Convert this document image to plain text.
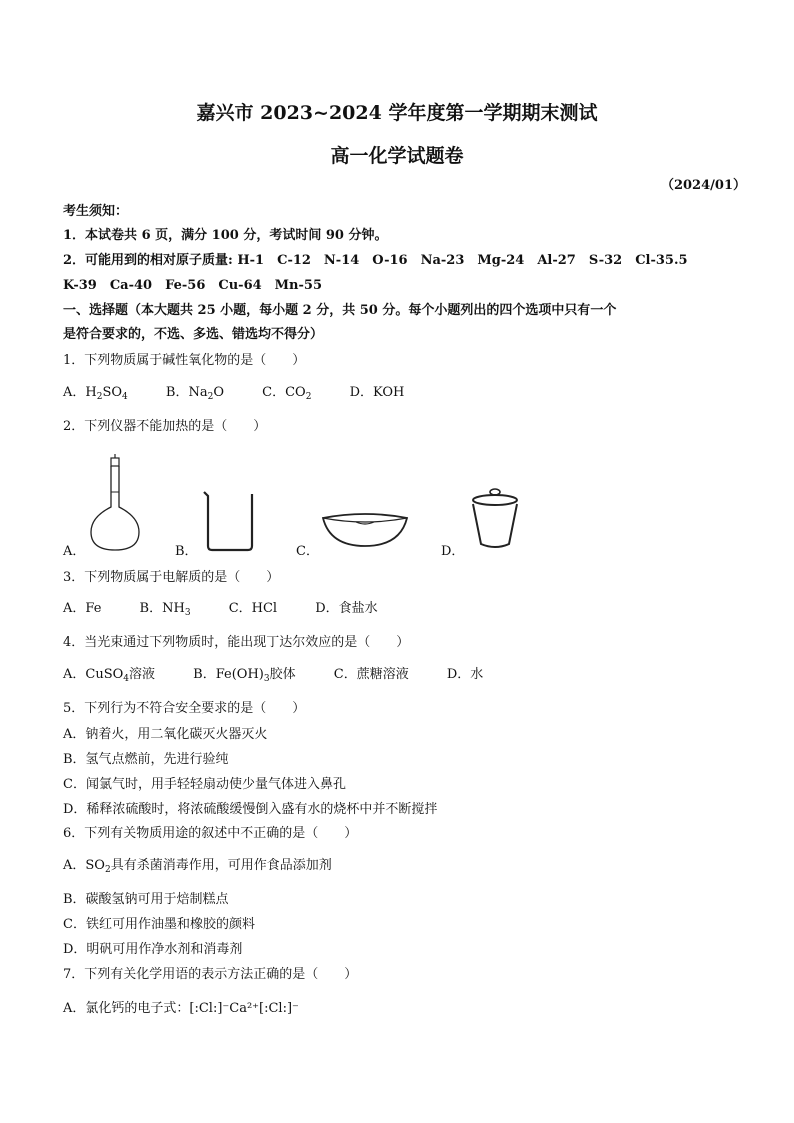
嘉兴市 2023~2024 学年度第一学期期末测试
高一化学试题卷
（2024/01）
考生须知：
1．本试卷共 6 页，满分 100 分，考试时间 90 分钟。
2．可能用到的相对原子质量: H-1　C-12　N-14　O-16　Na-23　Mg-24　Al-27　S-32　Cl-35.5
K-39　Ca-40　Fe-56　Cu-64　Mn-55
一、选择题（本大题共 25 小题，每小题 2 分，共 50 分。每个小题列出的四个选项中只有一个
是符合要求的，不选、多选、错选均不得分）
1．下列物质属于碱性氧化物的是（　　）
A．$H_2SO_4$	B．$Na_2O$	C．$CO_2$	D．KOH
2．下列仪器不能加热的是（　　）
A．	B．	C．	D．
3．下列物质属于电解质的是（　　）
A．Fe	B．$NH_3$	C．HCl	D．食盐水
4．当光束通过下列物质时，能出现丁达尔效应的是（　　）
A．CuSO$_4$溶液	B．$Fe(OH)_3$胶体	C．蔗糖溶液	D．水
5．下列行为不符合安全要求的是（　　）
A．钠着火，用二氧化碳灭火器灭火
B．氢气点燃前，先进行验纯
C．闻氯气时，用手轻轻扇动使少量气体进入鼻孔
D．稀释浓硫酸时，将浓硫酸缓慢倒入盛有水的烧杯中并不断搅拌
6．下列有关物质用途的叙述中不正确的是（　　）
A．$SO_2$具有杀菌消毒作用，可用作食品添加剂
B．碳酸氢钠可用于焙制糕点
C．铁红可用作油墨和橡胶的颜料
D．明矾可用作净水剂和消毒剂
7．下列有关化学用语的表示方法正确的是（　　）
A．氯化钙的电子式：[:Cl:]⁻Ca²⁺[:Cl:]⁻
